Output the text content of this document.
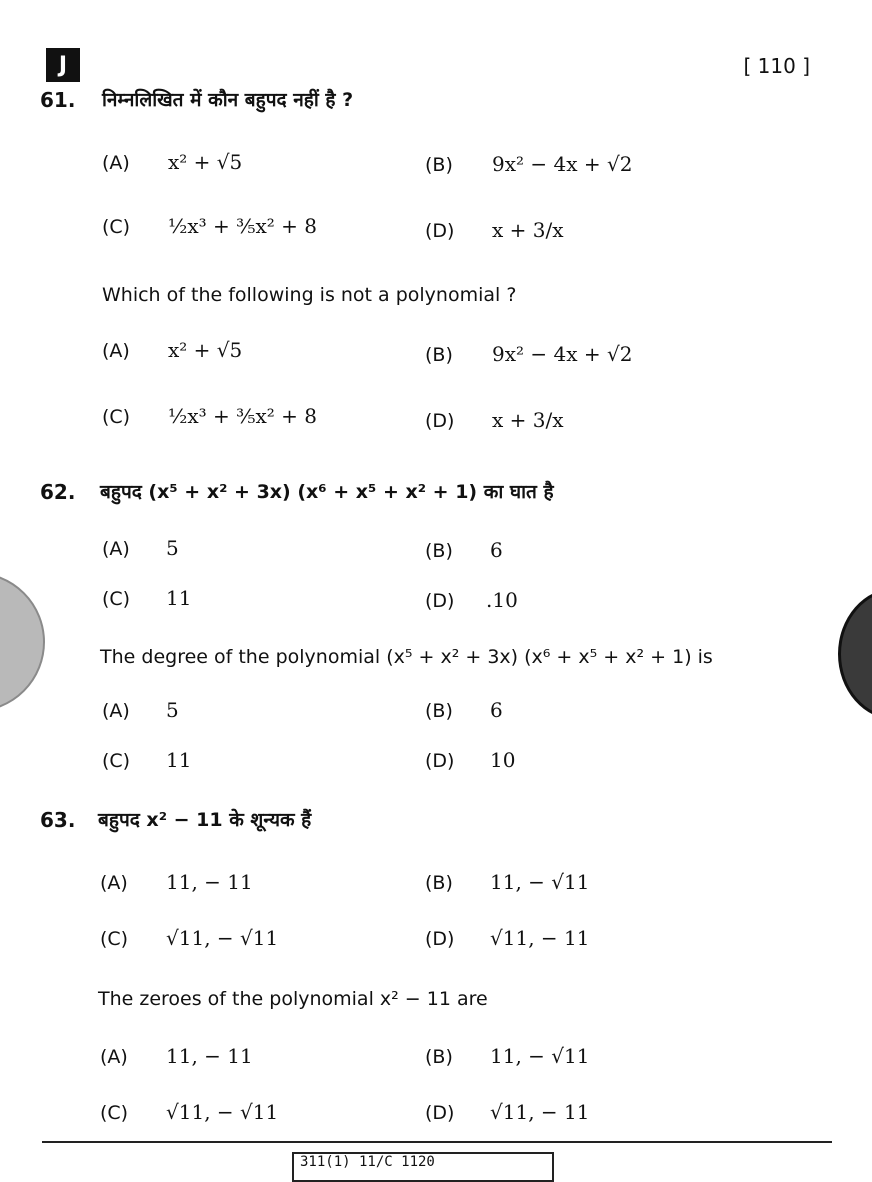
J	[ 110 ]
61. निम्नलिखित में कौन बहुपद नहीं है ?
(A) x² + √5	(B) 9x² − 4x + √2
(C) ½x³ + ³⁄₅x² + 8	(D) x + 3/x
Which of the following is not a polynomial ?
(A) x² + √5	(B) 9x² − 4x + √2
(C) ½x³ + ³⁄₅x² + 8	(D) x + 3/x
62. बहुपद (x⁵ + x² + 3x) (x⁶ + x⁵ + x² + 1) का घात है
(A) 5	(B) 6
(C) 11	(D) .10
The degree of the polynomial (x⁵ + x² + 3x) (x⁶ + x⁵ + x² + 1) is
(A) 5	(B) 6
(C) 11	(D) 10
63. बहुपद x² − 11 के शून्यक हैं
(A) 11, − 11	(B) 11, − √11
(C) √11, − √11	(D) √11, − 11
The zeroes of the polynomial x² − 11 are
(A) 11, − 11	(B) 11, − √11
(C) √11, − √11	(D) √11, − 11
311(1) 11/C 1120
